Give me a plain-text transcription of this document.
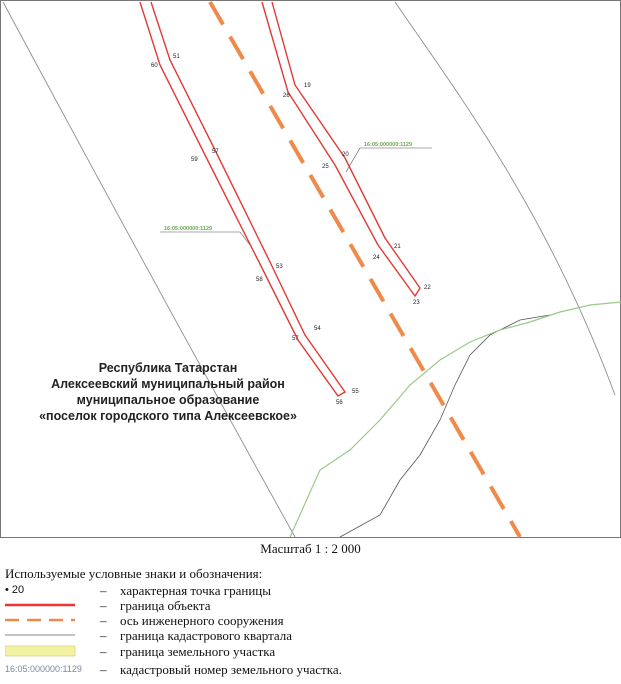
16:05:000000:1129
16:05:000000:1129
51
60
57
59
53
58
54
57
55
56
19
26
20
25
21
24
22
23
Республика Татарстан
Алексеевский муниципальный район
муниципальное образование
«поселок городского типа Алексеевское»
Масштаб 1 : 2 000
Используемые условные знаки и обозначения:
• 20	– характерная точка границы
– граница объекта
– ось инженерного сооружения
– граница кадастрового квартала
– граница земельного участка
16:05:000000:1129 – кадастровый номер земельного участка.
